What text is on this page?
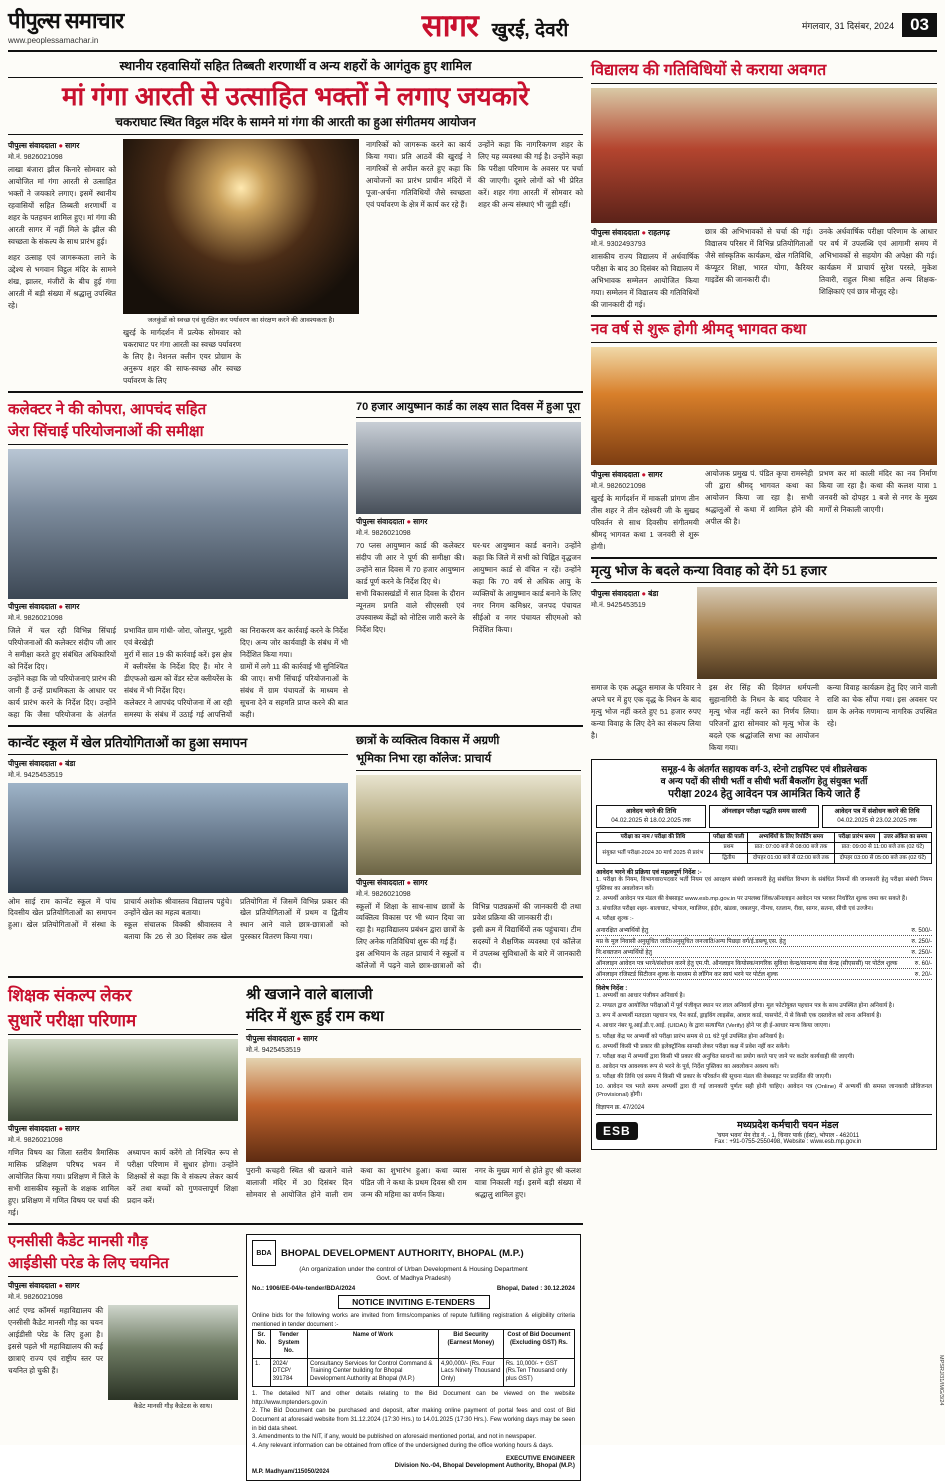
पीपुल्स समाचार
www.peoplessamachar.in	सागर खुरई, देवरी	मंगलवार, 31 दिसंबर, 2024 03
स्थानीय रहवासियों सहित तिब्बती शरणार्थी व अन्य शहरों के आगंतुक हुए शामिल
मां गंगा आरती से उत्साहित भक्तों ने लगाए जयकारे
चकराघाट स्थित विट्ठल मंदिर के सामने मां गंगा की आरती का हुआ संगीतमय आयोजन
पीपुल्स संवाददाता ● सागर
मो.नं. 9826021098
लाखा बंजारा झील किनारे सोमवार को आयोजित मां गंगा आरती से उत्साहित भक्तों ने जयकारे लगाए। इसमें स्थानीय रहवासियों सहित तिब्बती शरणार्थी व शहर के पतहचन शामिल हुए। मां गंगा की आरती सागर में नहीं मिले के झील की स्वच्छता के संकल्प के साथ प्रारंभ हुई।
शहर उत्साह एवं जागरूकता लाने के उद्देश्य से भगवान विट्ठल मंदिर के सामने शंख, झालर, मंजीरों के बीच हुई गंगा आरती में बड़ी संख्या में श्रद्धालु उपस्थित रहे।
जलकुंडों को स्वच्छ एवं सुरक्षित कर पर्यावरण का संरक्षण करने की आवश्यकता है।
नागरिकों को जागरूक करने का कार्य किया गया। प्रति आठवें की खुराई ने नागरिकों से अपील करते हुए कहा कि आयोजनों का प्रारंभ प्राचीन मंदिरों में पूजा-अर्चना गतिविधियों जैसे स्वच्छता एवं पर्यावरण के क्षेत्र में कार्य कर रहे हैं।
उन्होंने कहा कि नागरिकगण शहर के लिए यह व्यवस्था की गई है। उन्होंने कहा कि परीक्षा परिणाम के अवसर पर चर्चा की जाएगी। दूसरे लोगों को भी प्रेरित करें। शहर गंगा आरती में सोमवार को शहर की अन्य संस्थाएं भी जुड़ी रहीं।
खुरई के मार्गदर्शन में प्रत्येक सोमवार को चकराघाट पर गंगा आरती का स्वच्छ पर्यावरण के लिए है। नेशनल क्लीन एयर प्रोग्राम के अनुरूप शहर की साफ-स्वच्छ और स्वच्छ पर्यावरण के लिए
कलेक्टर ने की कोपरा, आपचंद सहित
जेरा सिंचाई परियोजनाओं की समीक्षा
पीपुल्स संवाददाता ● सागर
मो.नं. 9826021098
जिले में चल रही विभिन्न सिंचाई परियोजनाओं की कलेक्टर संदीप जी आर ने समीक्षा करते हुए संबंधित अधिकारियों को निर्देश दिए।
उन्होंने कहा कि जो परियोजनाएं प्रारंभ की जानी हैं उन्हें प्राथमिकता के आधार पर कार्य प्रारंभ करने के निर्देश दिए। उन्होंने कहा कि जैसा परियोजना के अंतर्गत प्रभावित ग्राम गांधी- जोरा, जोलपुर, भूड़री एवं बेरखेड़ी
मुर्रा में सात 19 की कार्रवाई करें। इस क्षेत्र में क्लीयरेंस के निर्देश दिए हैं। मोर ने डीएफओ खत्म को वेंडर स्टेज क्लीयरेंस के संबंध में भी निर्देश दिए।
कलेक्टर ने आपचंद परियोजना में आ रही समस्या के संबंध में उठाई गई आपत्तियों का निराकरण कर कार्रवाई करने के निर्देश दिए। अन्य जोर कार्यवाही के संबंध में भी निर्देशित किया गया।
ग्रामों में लगे 11 की कार्रवाई भी सुनिश्चित की जाए। सभी सिंचाई परियोजनाओं के संबंध में ग्राम पंचायतों के माध्यम से सूचना देने व सहमति प्राप्त करने की बात कही।
70 हजार आयुष्मान कार्ड का लक्ष्य सात दिवस में हुआ पूरा
पीपुल्स संवाददाता ● सागर
मो.नं. 9826021098
70 प्लस आयुष्मान कार्ड की कलेक्टर संदीप जी आर ने पूर्ण की समीक्षा की। उन्होंने सात दिवस में 70 हजार आयुष्मान कार्ड पूर्ण करने के निर्देश दिए थे।
सभी विकासखंडों में सात दिवस के दौरान न्यूनतम प्रगति वाले सीएससी एवं उपस्वास्थ्य केंद्रों को नोटिस जारी करने के निर्देश दिए।
घर-घर आयुष्मान कार्ड बनाने। उन्होंने कहा कि जिले में सभी को चिह्नित वृद्धजन आयुष्मान कार्ड से वंचित न रहें। उन्होंने कहा कि 70 वर्ष से अधिक आयु के व्यक्तियों के आयुष्मान कार्ड बनाने के लिए नगर निगम कमिश्नर, जनपद पंचायत सीईओ व नगर पंचायत सीएमओ को निर्देशित किया।
कान्वेंट स्कूल में खेल प्रतियोगिताओं का हुआ समापन
पीपुल्स संवाददाता ● बंडा
मो.नं. 9425453519
ओम साई राम कान्वेंट स्कूल में पांच दिवसीय खेल प्रतियोगिताओं का समापन हुआ। खेल प्रतियोगिताओं में संस्था के प्राचार्य अशोक श्रीवास्तव विद्यालय पहुंचे। उन्होंने खेल का महत्व बताया।
स्कूल संचालक विक्की श्रीवास्तव ने बताया कि 26 से 30 दिसंबर तक खेल प्रतियोगिता में जिसमें विभिन्न प्रकार की खेल प्रतियोगिताओं में प्रथम व द्वितीय स्थान आने वाले छात्र-छात्राओं को पुरस्कार वितरण किया गया।
छात्रों के व्यक्तित्व विकास में अग्रणी
भूमिका निभा रहा कॉलेज: प्राचार्य
पीपुल्स संवाददाता ● सागर
मो.नं. 9826021098
स्कूलों में शिक्षा के साथ-साथ छात्रों के व्यक्तित्व विकास पर भी ध्यान दिया जा रहा है। महाविद्यालय प्रबंधन द्वारा छात्रों के लिए अनेक गतिविधियां शुरू की गई हैं।
इस अभियान के तहत प्राचार्य ने स्कूलों व कॉलेजों में पढ़ने वाले छात्र-छात्राओं को विभिन्न पाठ्यक्रमों की जानकारी दी तथा प्रवेश प्रक्रिया की जानकारी दी।
इसी क्रम में विद्यार्थियों तक पहुंचाया। टीम सदस्यों ने शैक्षणिक व्यवस्था एवं कॉलेज में उपलब्ध सुविधाओं के बारे में जानकारी दी।
शिक्षक संकल्प लेकर
सुधारें परीक्षा परिणाम
पीपुल्स संवाददाता ● सागर
मो.नं. 9826021098
गणित विषय का जिला स्तरीय त्रैमासिक मासिक प्रशिक्षण परिषद भवन में आयोजित किया गया। प्रशिक्षण में जिले के सभी शासकीय स्कूलों के शक्षक शामिल हुए। प्रशिक्षण में गणित विषय पर चर्चा की गई।
अध्यापन कार्य करेंगे तो निश्चित रूप से परीक्षा परिणाम में सुधार होगा। उन्होंने शिक्षकों से कहा कि वे संकल्प लेकर कार्य करें तथा बच्चों को गुणवत्तापूर्ण शिक्षा प्रदान करें।
श्री खजाने वाले बालाजी
मंदिर में शुरू हुई राम कथा
पीपुल्स संवाददाता ● सागर
मो.नं. 9425453519
पुरानी कचहरी स्थित श्री खजाने वाले बालाजी मंदिर में 30 दिसंबर दिन सोमवार से आयोजित होने वाली राम कथा का शुभारंभ हुआ। कथा व्यास पंडित जी ने कथा के प्रथम दिवस श्री राम जन्म की महिमा का वर्णन किया।
नगर के मुख्य मार्ग से होते हुए श्री कलश यात्रा निकाली गई। इसमें बड़ी संख्या में श्रद्धालु शामिल हुए।
एनसीसी कैडेट मानसी गौड़
आईडीसी परेड के लिए चयनित
पीपुल्स संवाददाता ● सागर
मो.नं. 9826021098
आर्ट एण्ड कॉमर्स महाविद्यालय की एनसीसी कैडेट मानसी गौड़ का चयन आईडीसी परेड के लिए हुआ है। इससे पहले भी महाविद्यालय की कई छात्राएं राज्य एवं राष्ट्रीय स्तर पर चयनित हो चुकी हैं।
कैडेट मानसी गौड़ कैडेटस के साथ।
BDA BHOPAL DEVELOPMENT AUTHORITY, BHOPAL (M.P.)
(An organization under the control of Urban Development & Housing Department
Govt. of Madhya Pradesh)
No.: 1906/EE-04/e-tender/BDA/2024	Bhopal, Dated : 30.12.2024
NOTICE INVITING E-TENDERS
Online bids for the following works are invited from firms/companies of repute fulfilling registration & eligibility criteria mentioned in tender document :-
Sr. No.	Tender System No.	Name of Work	Bid Security (Earnest Money)	Cost of Bid Document (Excluding GST) Rs.
1.	2024/ DTCP/ 391784	Consultancy Services for Control Command & Training Center building for Bhopal Development Authority at Bhopal (M.P.)	4,90,000/- (Rs. Four Lacs Ninety Thousand Only)	Rs. 10,000/- + GST (Rs.Ten Thousand only plus GST)
1. The detailed NIT and other details relating to the Bid Document can be viewed on the website http://www.mptenders.gov.in
2. The Bid Document can be purchased and deposit, after making online payment of portal fees and cost of Bid Document at aforesaid website from 31.12.2024 (17:30 Hrs.) to 14.01.2025 (17:30 Hrs.). Few working days may be seen in bid data sheet.
3. Amendments to the NIT, if any, would be published on aforesaid mentioned portal, and not in newspaper.
4. Any relevant information can be obtained from office of the undersigned during the office working hours & days.
EXECUTIVE ENGINEER
Division No.-04, Bhopal Development Authority, Bhopal (M.P.)
M.P. Madhyam/115050/2024
विद्यालय की गतिविधियों से कराया अवगत
पीपुल्स संवाददाता ● राहतगढ़
मो.नं. 9302493793
शासकीय राज्य विद्यालय में अर्धवार्षिक परीक्षा के बाद 30 दिसंबर को विद्यालय में अभिभावक सम्मेलन आयोजित किया गया। सम्मेलन में विद्यालय की गतिविधियों की जानकारी दी गई।
छात्र की अभिभावकों से चर्चा की गई। विद्यालय परिसर में विभिन्न प्रतियोगिताओं जैसे सांस्कृतिक कार्यक्रम, खेल गतिविधि, कंप्यूटर शिक्षा, भारत योगा, कैरियर गाइडेंस की जानकारी दी।
उनके अर्धवार्षिक परीक्षा परिणाम के आधार पर वर्ष में उपलब्धि एवं आगामी समय में अभिभावकों से सहयोग की अपेक्षा की गई। कार्यक्रम में प्राचार्य सुरेश परस्ते, मुकेश तिवारी, राहुल मिश्रा सहित अन्य शिक्षक-शिक्षिकाएं एवं छात्र मौजूद रहे।
नव वर्ष से शुरू होगी श्रीमद् भागवत कथा
पीपुल्स संवाददाता ● सागर
मो.नं. 9826021098
खुरई के मार्गदर्शन में माकली प्रांगण तीन तीस शहर ने तीन रक्षेश्वरी जी के सुखद परिवर्तन से साथ दिवसीय संगीतमयी श्रीमद् भागवत कथा 1 जनवरी से शुरू होगी।
आयोजक प्रमुख पं. पंडित कृपा रामस्नेही जी द्वारा श्रीमद् भागवत कथा का आयोजन किया जा रहा है। सभी श्रद्धालुओं से कथा में शामिल होने की अपील की है।
प्रभण कर मां काली मंदिर का नव निर्माण किया जा रहा है। कथा की कलश यात्रा 1 जनवरी को दोपहर 1 बजे से नगर के मुख्य मार्गों से निकाली जाएगी।
मृत्यु भोज के बदले कन्या विवाह को देंगे 51 हजार
पीपुल्स संवाददाता ● बंडा
मो.नं. 9425453519
समाज के एक अद्भुत समाज के परिवार ने अपने घर में हुए एक वृद्ध के निधन के बाद मृत्यु भोज नहीं करते हुए 51 हजार रुपए कन्या विवाह के लिए देने का संकल्प लिया है।
इस शेर सिंह की दिवंगत धर्मपत्नी सुहानागिरी के निधन के बाद परिवार ने मृत्यु भोज नहीं करने का निर्णय लिया। परिजनों द्वारा सोमवार को मृत्यु भोज के बदले एक श्रद्धांजलि सभा का आयोजन किया गया।
कन्या विवाह कार्यक्रम हेतु दिए जाने वाली राशि का चेक सौंपा गया। इस अवसर पर ग्राम के अनेक गणमान्य नागरिक उपस्थित रहे।
समूह-4 के अंतर्गत सहायक वर्ग-3, स्टेनो टाइपिस्ट एवं शीघ्रलेखक
व अन्य पदों की सीधी भर्ती व सीधी भर्ती बैकलॉग हेतु संयुक्त भर्ती
परीक्षा 2024 हेतु आवेदन पत्र आमंत्रित किये जाते हैं
आवेदन भरने की तिथि
04.02.2025 से 18.02.2025 तक
ऑनलाइन परीक्षा पद्धति समय सारणी	आवेदन पत्र में संशोधन करने की तिथि
04.02.2025 से 23.02.2025 तक
परीक्षा का नाम / परीक्षा की तिथि	परीक्षा की पाली	अभ्यर्थियों के लिए रिपोर्टिंग समय	परीक्षा प्रारंभ समय	उत्तर अंकित का समय
संयुक्त भर्ती परीक्षा-2024 30 मार्च 2025 से प्रारंभ	प्रथम	प्रात: 07:00 बजे से 08:00 बजे तक	प्रात: 09:00 से 11:00 बजे तक (02 घंटे)	
	द्वितीय	दोपहर 01:00 बजे से 02:00 बजे तक	दोपहर 03:00 से 05:00 बजे तक (02 घंटे)	
आवेदन भरने की प्रक्रिया एवं महत्वपूर्ण निर्देश :-
1. परीक्षा के नियम, विभागवार/पदवार भर्ती नियम एवं आरक्षण संबंधी जानकारी हेतु संबंधित विभाग के संबंधित नियमों की जानकारी हेतु परीक्षा संबंधी नियम पुस्तिका का अवलोकन करें।
2. अभ्यर्थी आवेदन पत्र मंडल की वेबसाइट www.esb.mp.gov.in पर उपलब्ध लिंक/ऑनलाइन आवेदन पत्र भरकर निर्धारित शुल्क जमा कर सकते हैं।
3. संचालित परीक्षा शहर- बालाघाट, भोपाल, ग्वालियर, इंदौर, खंडवा, जबलपुर, नीमच, रतलाम, रीवा, सागर, सतना, सीधी एवं उज्जैन।
4. परीक्षा शुल्क :-
अनारक्षित अभ्यर्थियों हेतु	रु. 500/-
मप्र के मूल निवासी अनुसूचित जाति/अनुसूचित जनजाति/अन्य पिछड़ा वर्ग/ई.डब्ल्यू.एस. हेतु	रु. 250/-
नि:शक्तजन अभ्यर्थियों हेतु	रु. 250/-
ऑनलाइन आवेदन पत्र भरने/संशोधन करने हेतु एम.पी. ऑनलाइन कियोस्क/नागरिक सुविधा केन्द्र/सामान्य सेवा केन्द्र (सीएससी) पर पोर्टल शुल्क	रु. 60/-
ऑनलाइन रजिस्टर्ड सिटीजन शुल्क के माध्यम से लॉगिन कर स्वयं भरने पर पोर्टल शुल्क	रु. 20/-
विशेष निर्देश :
1. अभ्यर्थी का आधार पंजीयन अनिवार्य है।
2. मण्डल द्वारा आयोजित परीक्षाओं में पूर्व पंजीकृत स्थान पर लाल अनिवार्य होगा। मूल फोटोयुक्त पहचान पत्र के साथ उपस्थित होना अनिवार्य है।
3. रूप में अभ्यर्थी मतदाता पहचान पत्र, पैन कार्ड, ड्राइविंग लाइसेंस, आधार कार्ड, पासपोर्ट, में से किसी एक दस्तावेज को लाना अनिवार्य है।
4. आधार नंबर यू.आई.डी.ए.आई. (UIDAI) के द्वारा सत्यापित (Verify) होने पर ही ई-आधार मान्य किया जाएगा।
5. परीक्षा केंद्र पर अभ्यर्थी को परीक्षा प्रारंभ समय से 01 घंटे पूर्व उपस्थित होना अनिवार्य है।
6. अभ्यर्थी किसी भी प्रकार की इलेक्ट्रॉनिक सामग्री लेकर परीक्षा कक्ष में प्रवेश नहीं कर सकेंगे।
7. परीक्षा कक्ष में अभ्यर्थी द्वारा किसी भी प्रकार की अनुचित साधनों का प्रयोग करते पाए जाने पर कठोर कार्यवाही की जाएगी।
8. आवेदन पत्र आवश्यक रूप से भरने के पूर्व, निर्देश पुस्तिका का अवलोकन अवश्य करें।
9. परीक्षा की तिथि एवं समय में किसी भी प्रकार के परिवर्तन की सूचना मंडल की वेबसाइट पर प्रदर्शित की जाएगी।
10. आवेदन पत्र भरते समय अभ्यर्थी द्वारा दी गई जानकारी पूर्णतः सही होनी चाहिए। आवेदन पत्र (Online) में अभ्यर्थी की समस्त जानकारी प्रोविजनल (Provisional) होगी।
विज्ञापन क्र. 47/2024
ESB	मध्यप्रदेश कर्मचारी चयन मंडल
'चयन भवन' मेन रोड नं. - 1, चिनार पार्क (ईस्ट), भोपाल - 462011
Fax : +91-0755-2550498, Website : www.esb.mp.gov.in
MPSRJ/31/IMG/3/24
